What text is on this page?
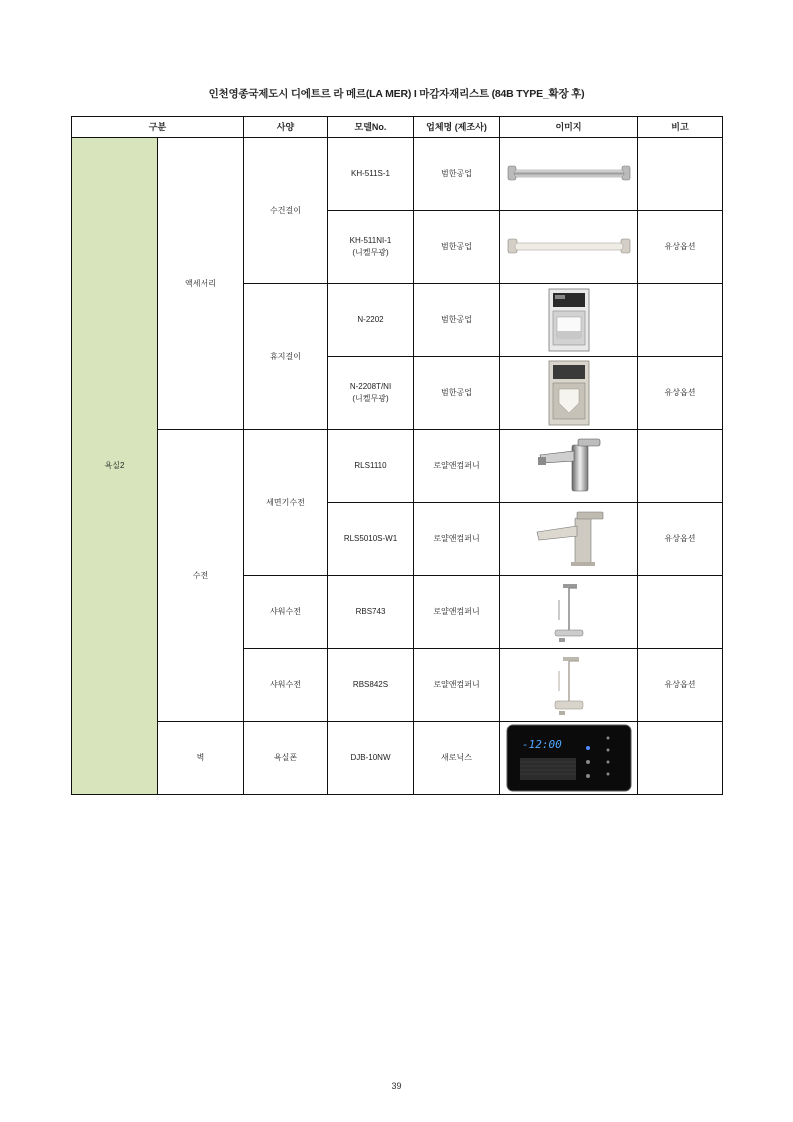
인천영종국제도시 디에트르 라 메르(LA MER) I 마감자재리스트 (84B TYPE_확장 후)
구분		사양	모델No.	업체명 (제조사)	이미지	비고
욕실2	액세서리	수건걸이	KH-511S-1	범한공업	

			KH-511NI-1
(니켈무광)	범한공업		유상옵션
		휴지걸이	N-2202	범한공업	

			N-2208T/NI
(니켈무광)	범한공업		유상옵션
	수전	세면기수전	RLS1110	로얄앤컴퍼니	

			RLS5010S-W1	로얄앤컴퍼니		유상옵션
		샤워수전	RBS743	로얄앤컴퍼니	

		샤워수전	RBS842S	로얄앤컴퍼니		유상옵션
	벽	욕실폰	DJB-10NW	새로닉스	-12:00	

39
